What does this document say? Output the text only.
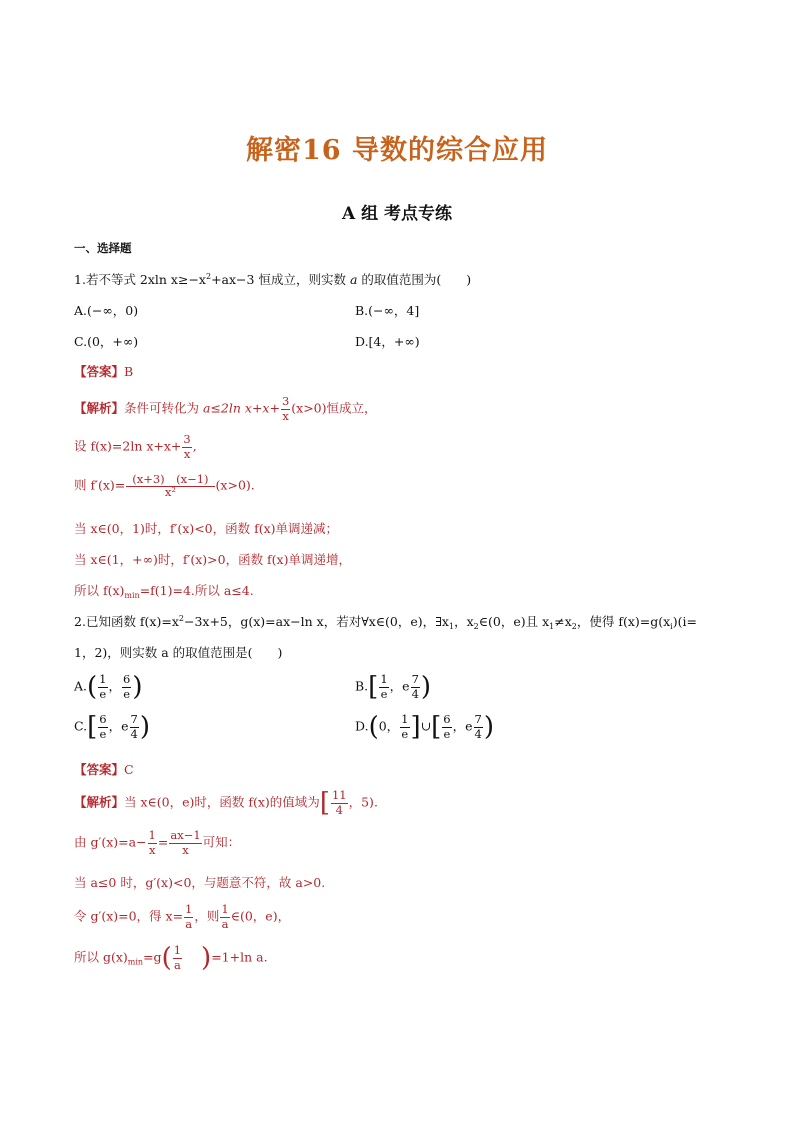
解密16 导数的综合应用
A 组 考点专练
一、选择题
1.若不等式 2xln $x\ge-x^2+ax-3$ 恒成立，则实数 a 的取值范围为(　　)
A.(−∞，0)	B.(−∞，4]
C.(0，+∞)	D.[4，+∞)
【答案】B
【解析】条件可转化为 a≤2ln $x+x+ \frac{3}{x} (x>0)$恒成立，
设 f(x)=2ln $x+x+ \frac{3}{x}$ ,
则 $f'(x)= \frac{(x+3) (x-1)}{\text{x²}} (x>0)$.
当 x∈(0，1)时，f′(x)<0，函数 f(x)单调递减；
当 x∈(1，+∞)时，f′(x)>0，函数 f(x)单调递增，
所以 $f(x)_{min}=f(1)=4$.所以 a≤4.
2.已知函数 $f(x)=x^2-3x+5$，g(x)=ax−ln x，若对∀x∈(0，e)，$\exists x_1$，$x_2\in(0$，e)且 $x_1\ne x_2$，使得 $f(x)=g(x_i)(i=$
1，2)，则实数 a 的取值范围是(　　)
$A.( \frac{1}{e}$ ， $\frac{6}{e}$ )	$B.[ \frac{1}{e}$ ，e $\frac{7}{4}$ )
$C.[ \frac{6}{e}$ ，e $\frac{7}{4}$ )	D.(0， $\frac{1}{e}$ ]∪[ $\frac{6}{e}$ ，e $\frac{7}{4}$ )
【答案】C
【解析】当 x∈(0，e)时，函数 f(x)的值域为[ $\frac{11}{4}$ ，5).
由 $g'(x)=a- \frac{1}{x} = \frac{ax-1}{x}$ 可知：
当 a≤0 时，g′(x)<0，与题意不符，故 a>0.
令 g′(x)=0，得 $x= \frac{1}{a}$ ，则 $\frac{1}{a}$ ∈(0，e)，
所以 $g(x)_{min}=g( \frac{1}{a} )=1+\ln$ a.
